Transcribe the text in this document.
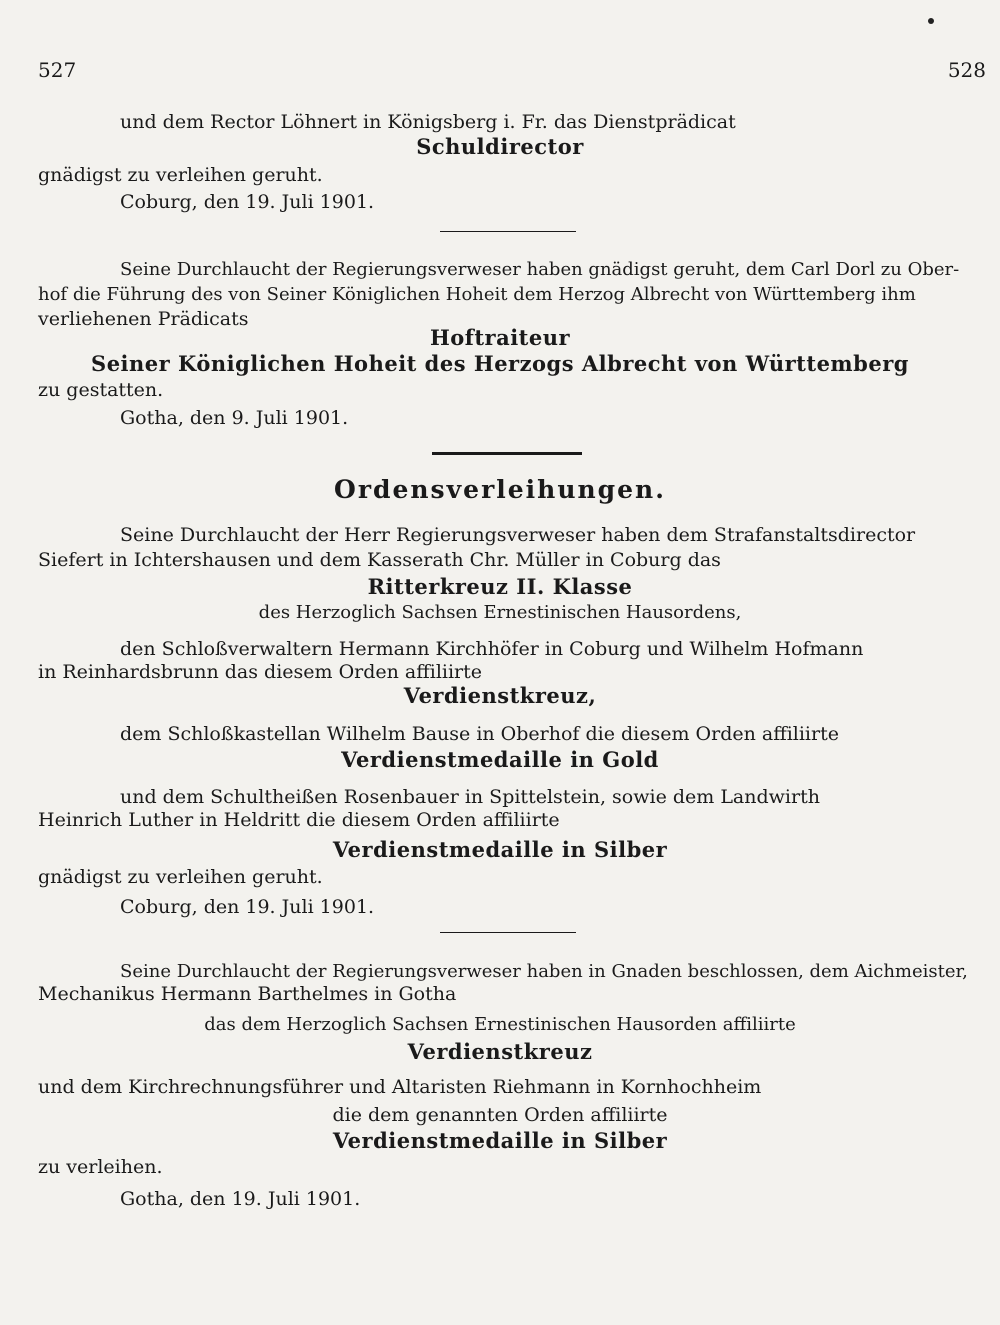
527	528
und dem Rector Löhnert in Königsberg i. Fr. das Dienstprädicat
Schuldirector
gnädigst zu verleihen geruht.
Coburg, den 19. Juli 1901.
Seine Durchlaucht der Regierungsverweser haben gnädigst geruht, dem Carl Dorl zu Ober-
hof die Führung des von Seiner Königlichen Hoheit dem Herzog Albrecht von Württemberg ihm
verliehenen Prädicats
Hoftraiteur
Seiner Königlichen Hoheit des Herzogs Albrecht von Württemberg
zu gestatten.
Gotha, den 9. Juli 1901.
Ordensverleihungen.
Seine Durchlaucht der Herr Regierungsverweser haben dem Strafanstaltsdirector
Siefert in Ichtershausen und dem Kasserath Chr. Müller in Coburg das
Ritterkreuz II. Klasse
des Herzoglich Sachsen Ernestinischen Hausordens,
den Schloßverwaltern Hermann Kirchhöfer in Coburg und Wilhelm Hofmann
in Reinhardsbrunn das diesem Orden affiliirte
Verdienstkreuz,
dem Schloßkastellan Wilhelm Bause in Oberhof die diesem Orden affiliirte
Verdienstmedaille in Gold
und dem Schultheißen Rosenbauer in Spittelstein, sowie dem Landwirth
Heinrich Luther in Heldritt die diesem Orden affiliirte
Verdienstmedaille in Silber
gnädigst zu verleihen geruht.
Coburg, den 19. Juli 1901.
Seine Durchlaucht der Regierungsverweser haben in Gnaden beschlossen, dem Aichmeister,
Mechanikus Hermann Barthelmes in Gotha
das dem Herzoglich Sachsen Ernestinischen Hausorden affiliirte
Verdienstkreuz
und dem Kirchrechnungsführer und Altaristen Riehmann in Kornhochheim
die dem genannten Orden affiliirte
Verdienstmedaille in Silber
zu verleihen.
Gotha, den 19. Juli 1901.
